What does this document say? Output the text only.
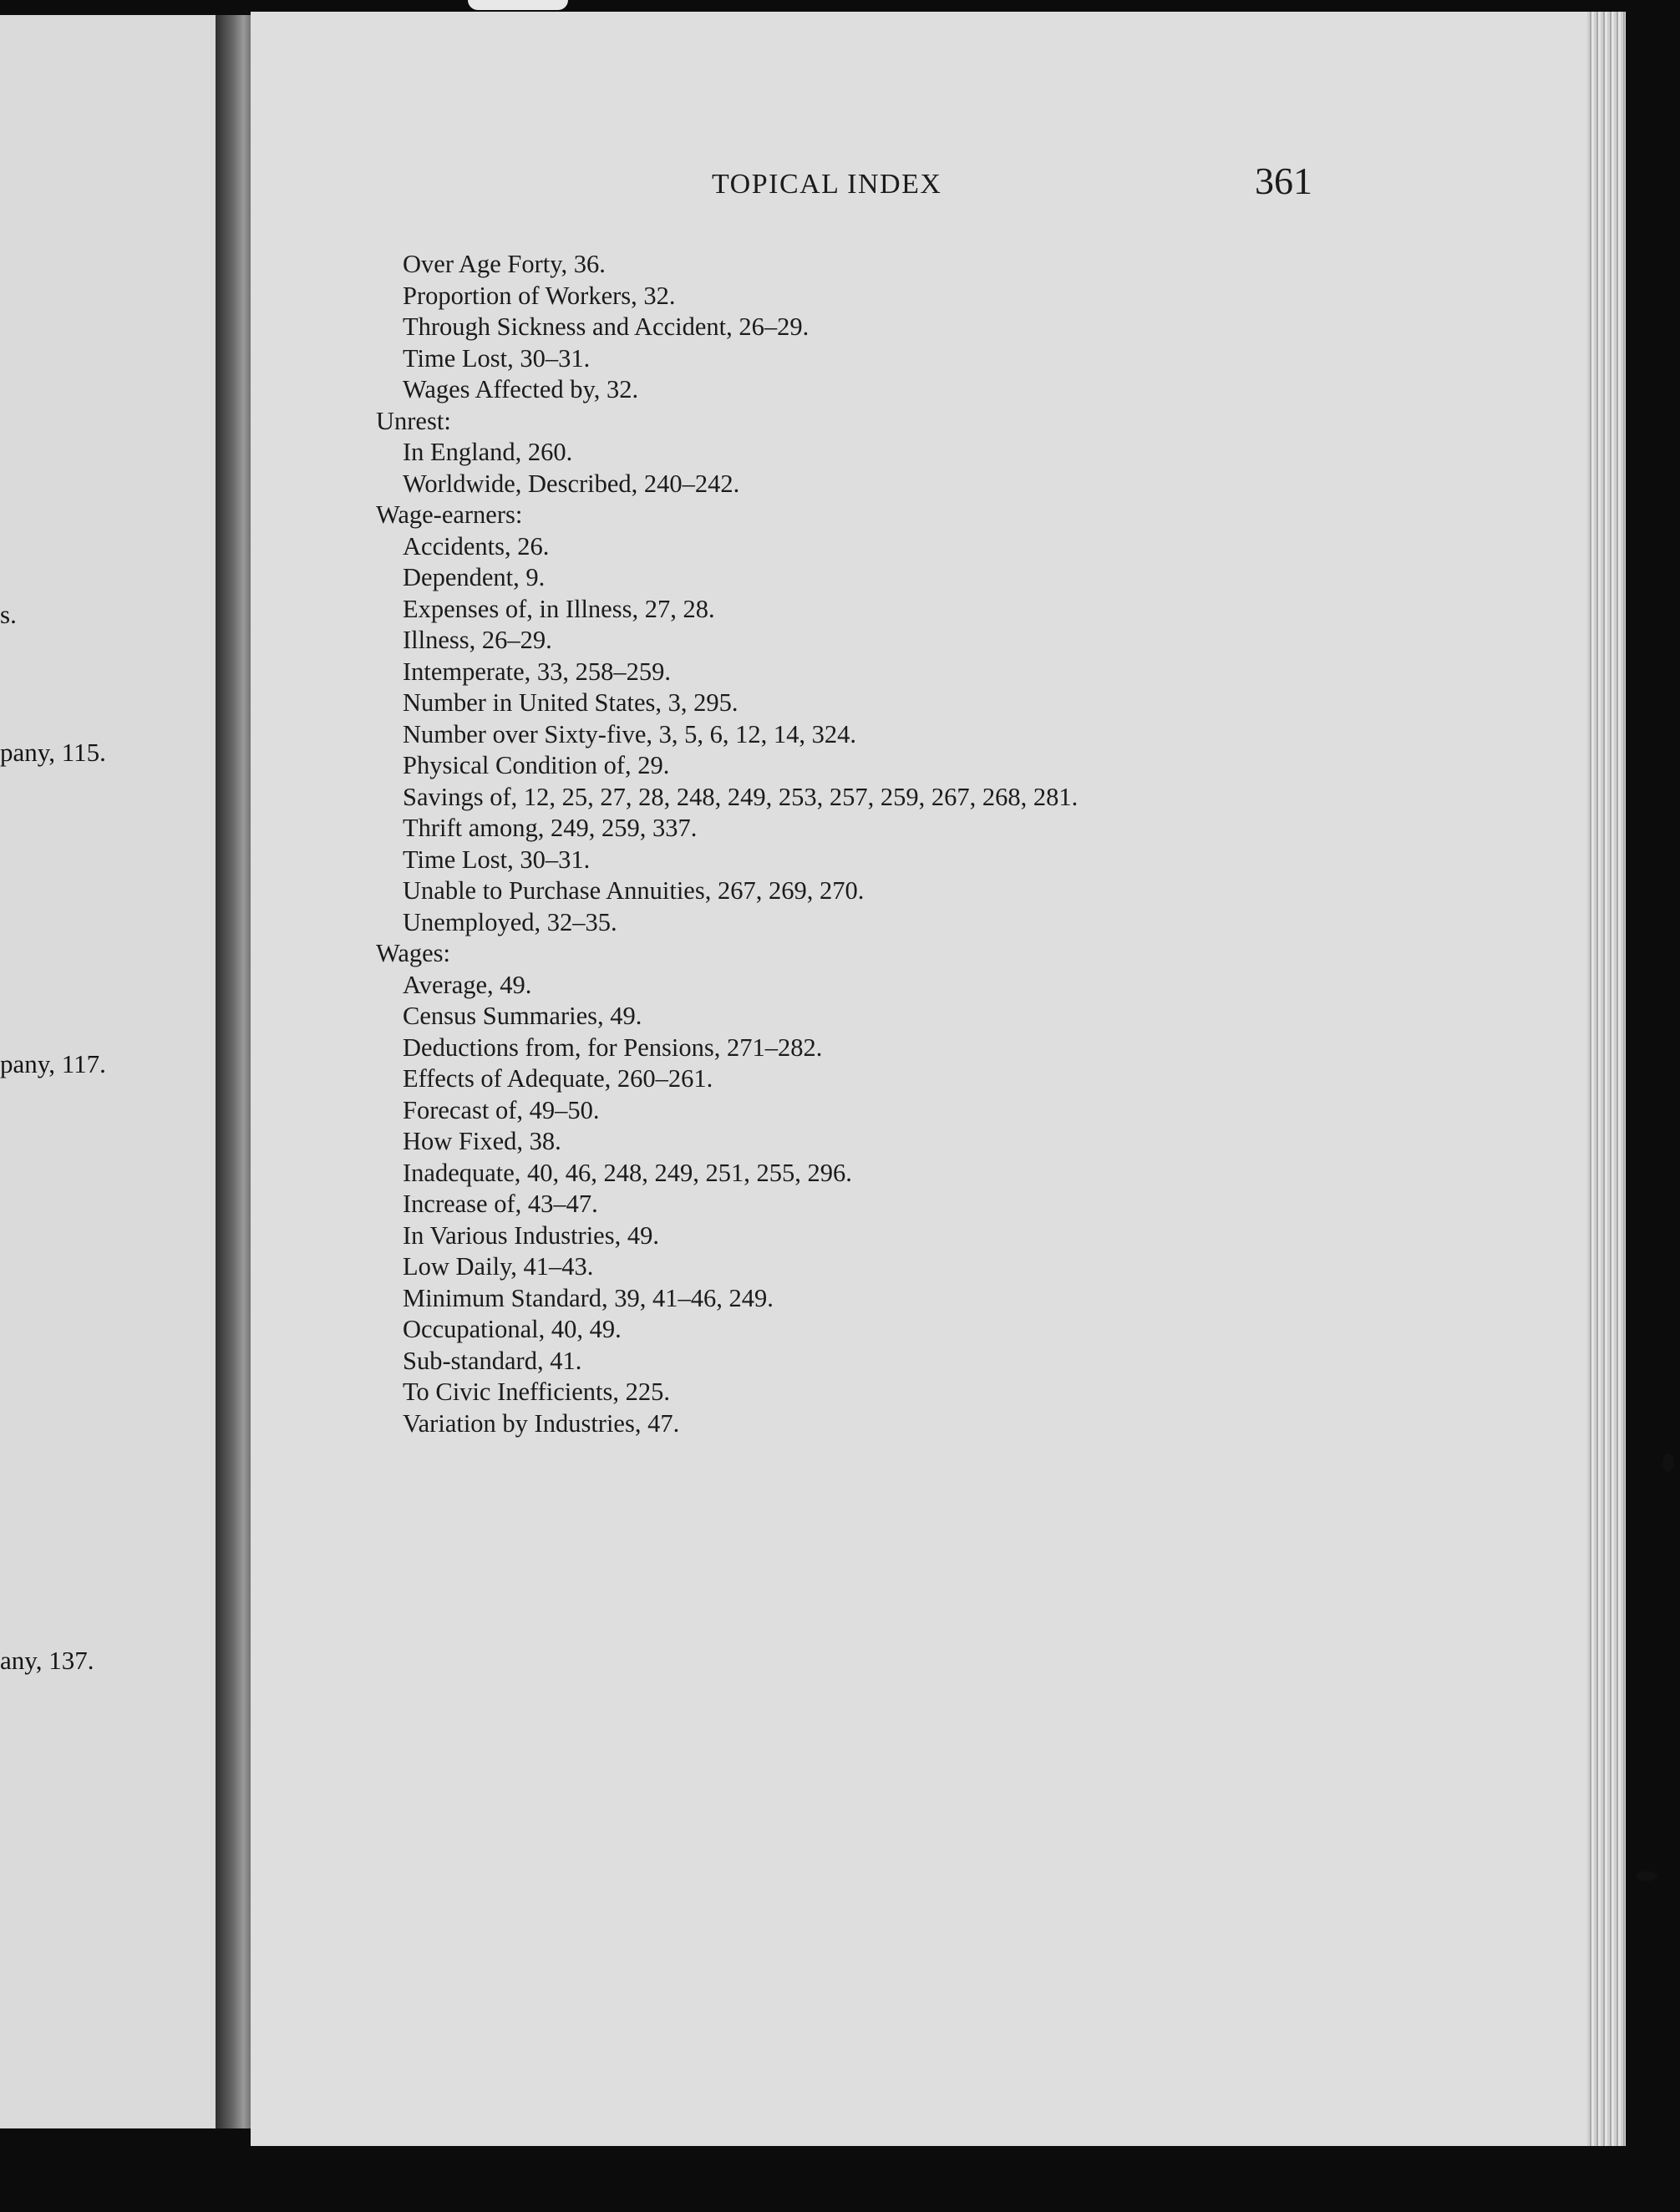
s.
pany, 115.
pany, 117.
any, 137.
TOPICAL INDEX	361
Over Age Forty, 36.
Proportion of Workers, 32.
Through Sickness and Accident, 26–29.
Time Lost, 30–31.
Wages Affected by, 32.
Unrest:
In England, 260.
Worldwide, Described, 240–242.
Wage-earners:
Accidents, 26.
Dependent, 9.
Expenses of, in Illness, 27, 28.
Illness, 26–29.
Intemperate, 33, 258–259.
Number in United States, 3, 295.
Number over Sixty-five, 3, 5, 6, 12, 14, 324.
Physical Condition of, 29.
Savings of, 12, 25, 27, 28, 248, 249, 253, 257, 259, 267, 268, 281.
Thrift among, 249, 259, 337.
Time Lost, 30–31.
Unable to Purchase Annuities, 267, 269, 270.
Unemployed, 32–35.
Wages:
Average, 49.
Census Summaries, 49.
Deductions from, for Pensions, 271–282.
Effects of Adequate, 260–261.
Forecast of, 49–50.
How Fixed, 38.
Inadequate, 40, 46, 248, 249, 251, 255, 296.
Increase of, 43–47.
In Various Industries, 49.
Low Daily, 41–43.
Minimum Standard, 39, 41–46, 249.
Occupational, 40, 49.
Sub-standard, 41.
To Civic Inefficients, 225.
Variation by Industries, 47.
